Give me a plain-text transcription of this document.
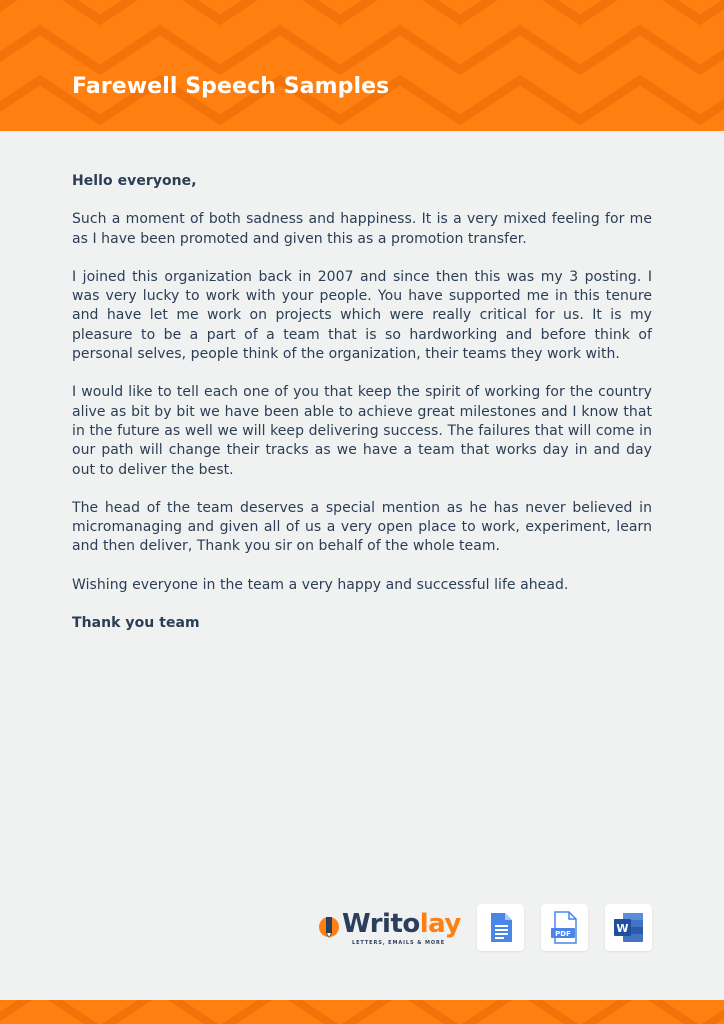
Farewell Speech Samples

Hello everyone,

Such a moment of both sadness and happiness. It is a very mixed feeling for me as I have been promoted and given this as a promotion transfer.

I joined this organization back in 2007 and since then this was my 3 posting. I was very lucky to work with your people. You have supported me in this tenure and have let me work on projects which were really critical for us. It is my pleasure to be a part of a team that is so hardworking and before think of personal selves, people think of the organization, their teams they work with.

I would like to tell each one of you that keep the spirit of working for the country alive as bit by bit we have been able to achieve great milestones and I know that in the future as well we will keep delivering success. The failures that will come in our path will change their tracks as we have a team that works day in and day out to deliver the best.

The head of the team deserves a special mention as he has never believed in micromanaging and given all of us a very open place to work, experiment, learn and then deliver, Thank you sir on behalf of the whole team.

Wishing everyone in the team a very happy and successful life ahead.

Thank you team

Writolay
LETTERS, EMAILS & MORE
PDF	W
